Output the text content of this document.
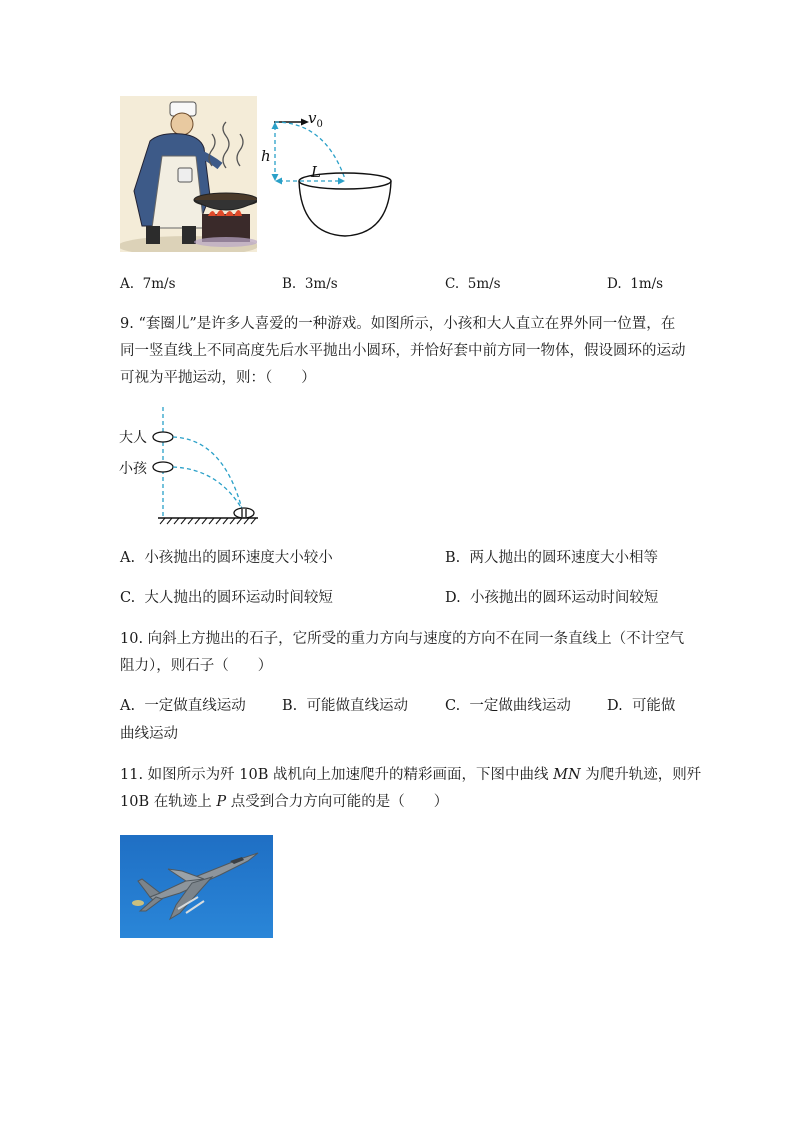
$v_0$
h
L
A. 7m/s	B. 3m/s	C. 5m/s	D. 1m/s
9. “套圈儿”是许多人喜爱的一种游戏。如图所示，小孩和大人直立在界外同一位置，在
同一竖直线上不同高度先后水平抛出小圆环，并恰好套中前方同一物体，假设圆环的运动
可视为平抛运动，则：（　　）
大人
小孩
A. 小孩抛出的圆环速度大小较小	B. 两人抛出的圆环速度大小相等
C. 大人抛出的圆环运动时间较短	D. 小孩抛出的圆环运动时间较短
10. 向斜上方抛出的石子，它所受的重力方向与速度的方向不在同一条直线上（不计空气
阻力），则石子（　　）
A. 一定做直线运动 B. 可能做直线运动	C. 一定做曲线运动 D. 可能做
曲线运动
11. 如图所示为歼 10B 战机向上加速爬升的精彩画面，下图中曲线 MN 为爬升轨迹，则歼
10B 在轨迹上 P 点受到合力方向可能的是（　　）
